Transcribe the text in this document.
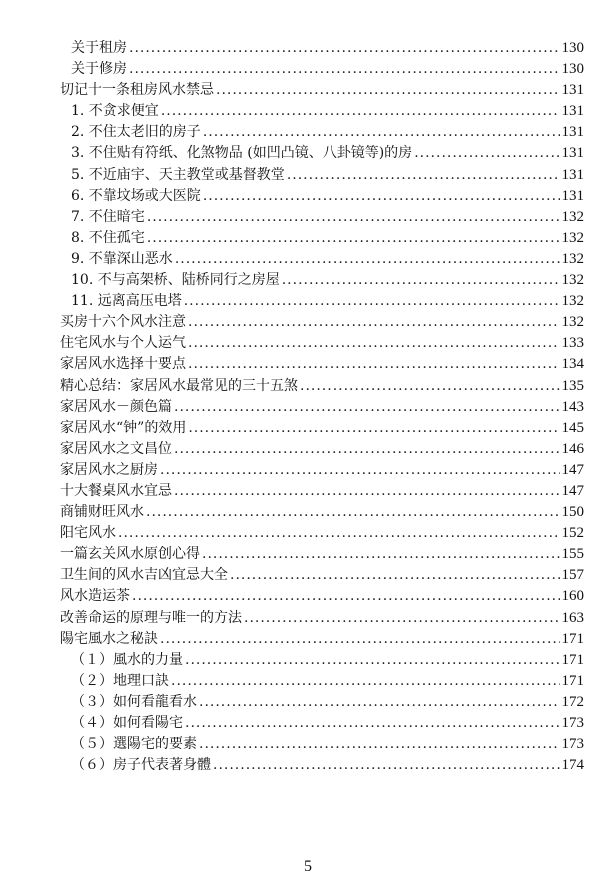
关于租房 .....	130
关于修房 .....	130
切记十一条租房风水禁忌 .....	131
1. 不贪求便宜 .....	131
2. 不住太老旧的房子 .....	131
3. 不住贴有符纸、化煞物品 (如凹凸镜、八卦镜等)的房 .....	131
5. 不近庙宇、天主教堂或基督教堂 .....	131
6. 不靠坟场或大医院 .....	131
7. 不住暗宅 .....	132
8. 不住孤宅 .....	132
9. 不靠深山恶水 .....	132
10. 不与高架桥、陆桥同行之房屋 .....	132
11. 远离高压电塔 .....	132
买房十六个风水注意 .....	132
住宅风水与个人运气 .....	133
家居风水选择十要点 .....	134
精心总结：家居风水最常见的三十五煞 .....	135
家居风水－颜色篇 .....	143
家居风水“钟”的效用 .....	145
家居风水之文昌位 .....	146
家居风水之厨房 .....	147
十大餐桌风水宜忌 .....	147
商铺财旺风水 .....	150
阳宅风水 .....	152
一篇玄关风水原创心得 .....	155
卫生间的风水吉凶宜忌大全 .....	157
风水造运茶 .....	160
改善命运的原理与唯一的方法 .....	163
陽宅風水之秘訣 .....	171
（１）風水的力量 .....	171
（２）地理口訣 .....	171
（３）如何看龍看水 .....	172
（４）如何看陽宅 .....	173
（５）選陽宅的要素 .....	173
（６）房子代表著身體 .....	174
5
